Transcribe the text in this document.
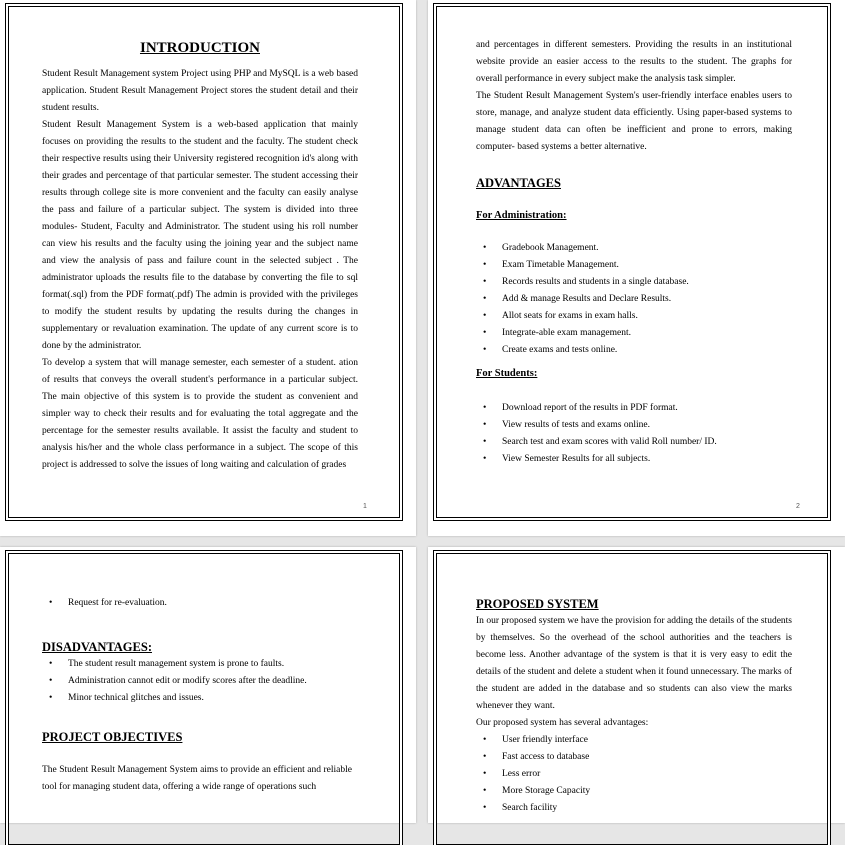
INTRODUCTION

Student Result Management system Project using PHP and MySQL is a web based application. Student Result Management Project stores the student detail and their student results.

Student Result Management System is a web-based application that mainly focuses on providing the results to the student and the faculty. The student check their respective results using their University registered recognition id's along with their grades and percentage of that particular semester. The student accessing their results through college site is more convenient and the faculty can easily analyse the pass and failure of a particular subject. The system is divided into three modules- Student, Faculty and Administrator. The student using his roll number can view his results and the faculty using the joining year and the subject name and view the analysis of pass and failure count in the selected subject . The administrator uploads the results file to the database by converting the file to sql format(.sql) from the PDF format(.pdf) The admin is provided with the privileges to modify the student results by updating the results during the changes in supplementary or revaluation examination. The update of any current score is to done by the administrator.

To develop a system that will manage semester, each semester of a student. ation of results that conveys the overall student's performance in a particular subject. The main objective of this system is to provide the student as convenient and simpler way to check their results and for evaluating the total aggregate and the percentage for the semester results available. It assist the faculty and student to analysis his/her and the whole class performance in a subject. The scope of this project is addressed to solve the issues of long waiting and calculation of grades

1

and percentages in different semesters. Providing the results in an institutional website provide an easier access to the results to the student. The graphs for overall performance in every subject make the analysis task simpler.

The Student Result Management System's user-friendly interface enables users to store, manage, and analyze student data efficiently. Using paper-based systems to manage student data can often be inefficient and prone to errors, making computer- based systems a better alternative.

ADVANTAGES
For Administration:
• Gradebook Management.
• Exam Timetable Management.
• Records results and students in a single database.
• Add & manage Results and Declare Results.
• Allot seats for exams in exam halls.
• Integrate-able exam management.
• Create exams and tests online.
For Students:
• Download report of the results in PDF format.
• View results of tests and exams online.
• Search test and exam scores with valid Roll number/ ID.
• View Semester Results for all subjects.
2
• Request for re-evaluation.
DISADVANTAGES:
• The student result management system is prone to faults.
• Administration cannot edit or modify scores after the deadline.
• Minor technical glitches and issues.
PROJECT OBJECTIVES

The Student Result Management System aims to provide an efficient and reliable tool for managing student data, offering a wide range of operations such

PROPOSED SYSTEM

In our proposed system we have the provision for adding the details of the students by themselves. So the overhead of the school authorities and the teachers is become less. Another advantage of the system is that it is very easy to edit the details of the student and delete a student when it found unnecessary. The marks of the student are added in the database and so students can also view the marks whenever they want.

Our proposed system has several advantages:

• User friendly interface
• Fast access to database
• Less error
• More Storage Capacity
• Search facility
